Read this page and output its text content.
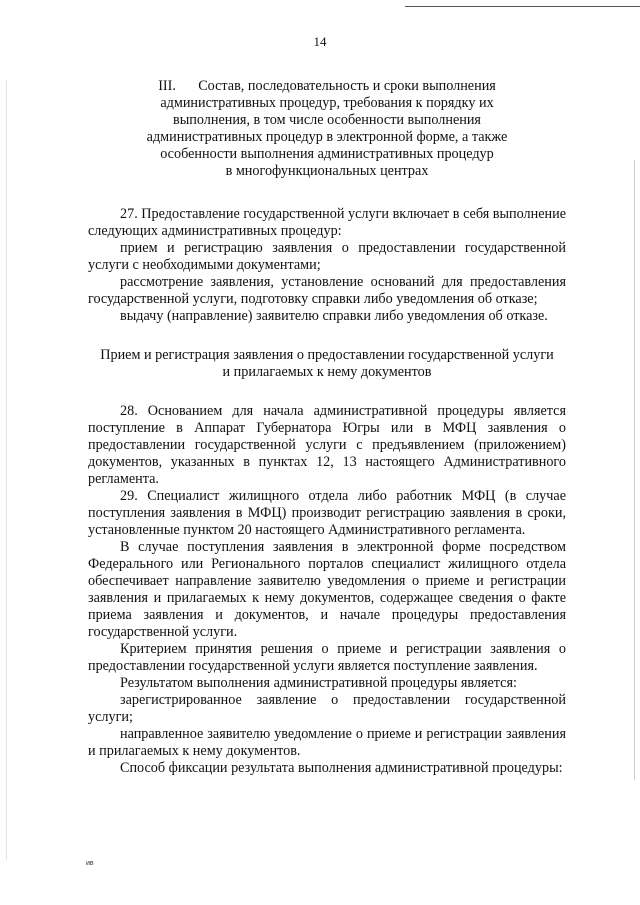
14

III. Состав, последовательность и сроки выполнения

административных процедур, требования к порядку их

выполнения, в том числе особенности выполнения

административных процедур в электронной форме, а также

особенности выполнения административных процедур

в многофункциональных центрах

27. Предоставление государственной услуги включает в себя выполнение следующих административных процедур:

прием и регистрацию заявления о предоставлении государственной услуги с необходимыми документами;

рассмотрение заявления, установление оснований для предоставления государственной услуги, подготовку справки либо уведомления об отказе;

выдачу (направление) заявителю справки либо уведомления об отказе.

Прием и регистрация заявления о предоставлении государственной услуги

и прилагаемых к нему документов

28. Основанием для начала административной процедуры является поступление в Аппарат Губернатора Югры или в МФЦ заявления о предоставлении государственной услуги с предъявлением (приложением) документов, указанных в пунктах 12, 13 настоящего Административного регламента.

29. Специалист жилищного отдела либо работник МФЦ (в случае поступления заявления в МФЦ) производит регистрацию заявления в сроки, установленные пунктом 20 настоящего Административного регламента.

В случае поступления заявления в электронной форме посредством Федерального или Регионального порталов специалист жилищного отдела обеспечивает направление заявителю уведомления о приеме и регистрации заявления и прилагаемых к нему документов, содержащее сведения о факте приема заявления и документов, и начале процедуры предоставления государственной услуги.

Критерием принятия решения о приеме и регистрации заявления о предоставлении государственной услуги является поступление заявления.

Результатом выполнения административной процедуры является:

зарегистрированное заявление о предоставлении государственной услуги;

направленное заявителю уведомление о приеме и регистрации заявления и прилагаемых к нему документов.

Способ фиксации результата выполнения административной процедуры:

ив
